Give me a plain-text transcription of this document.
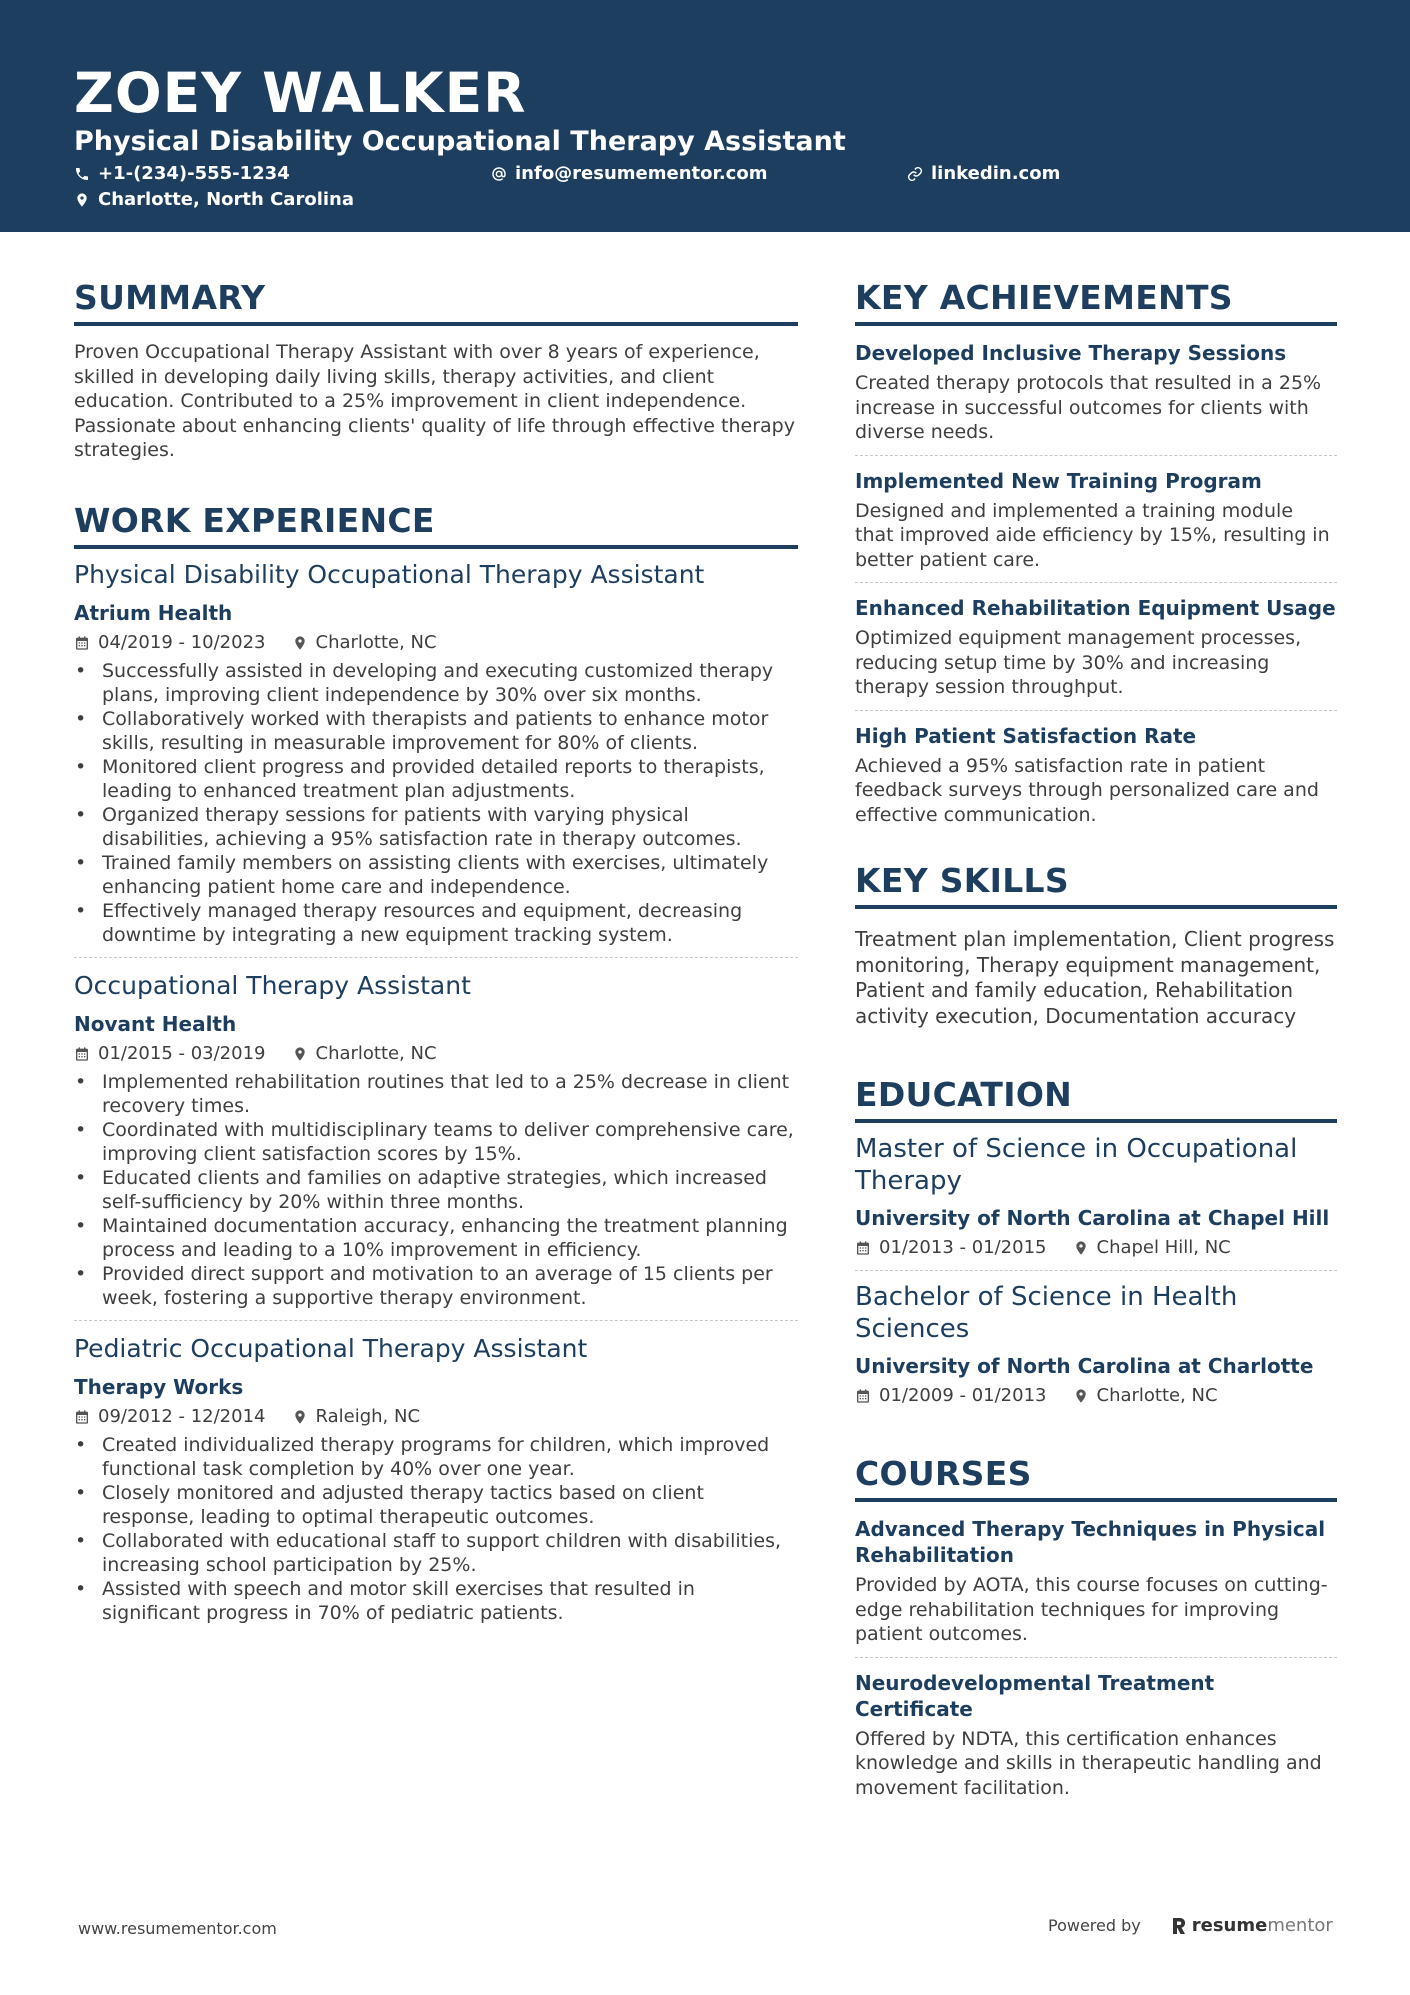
ZOEY WALKER
Physical Disability Occupational Therapy Assistant
+1-(234)-555-1234	info@resumementor.com	linkedin.com
Charlotte, North Carolina
SUMMARY
Proven Occupational Therapy Assistant with over 8 years of experience, skilled in developing daily living skills, therapy activities, and client education. Contributed to a 25% improvement in client independence. Passionate about enhancing clients' quality of life through effective therapy strategies.
WORK EXPERIENCE
Physical Disability Occupational Therapy Assistant
Atrium Health
04/2019 - 10/2023	Charlotte, NC
• Successfully assisted in developing and executing customized therapy plans, improving client independence by 30% over six months.
• Collaboratively worked with therapists and patients to enhance motor skills, resulting in measurable improvement for 80% of clients.
• Monitored client progress and provided detailed reports to therapists, leading to enhanced treatment plan adjustments.
• Organized therapy sessions for patients with varying physical disabilities, achieving a 95% satisfaction rate in therapy outcomes.
• Trained family members on assisting clients with exercises, ultimately enhancing patient home care and independence.
• Effectively managed therapy resources and equipment, decreasing downtime by integrating a new equipment tracking system.
Occupational Therapy Assistant
Novant Health
01/2015 - 03/2019	Charlotte, NC
• Implemented rehabilitation routines that led to a 25% decrease in client recovery times.
• Coordinated with multidisciplinary teams to deliver comprehensive care, improving client satisfaction scores by 15%.
• Educated clients and families on adaptive strategies, which increased self-sufficiency by 20% within three months.
• Maintained documentation accuracy, enhancing the treatment planning process and leading to a 10% improvement in efficiency.
• Provided direct support and motivation to an average of 15 clients per week, fostering a supportive therapy environment.
Pediatric Occupational Therapy Assistant
Therapy Works
09/2012 - 12/2014	Raleigh, NC
• Created individualized therapy programs for children, which improved functional task completion by 40% over one year.
• Closely monitored and adjusted therapy tactics based on client response, leading to optimal therapeutic outcomes.
• Collaborated with educational staff to support children with disabilities, increasing school participation by 25%.
• Assisted with speech and motor skill exercises that resulted in significant progress in 70% of pediatric patients.
KEY ACHIEVEMENTS
Developed Inclusive Therapy Sessions
Created therapy protocols that resulted in a 25% increase in successful outcomes for clients with diverse needs.
Implemented New Training Program
Designed and implemented a training module that improved aide efficiency by 15%, resulting in better patient care.
Enhanced Rehabilitation Equipment Usage
Optimized equipment management processes, reducing setup time by 30% and increasing therapy session throughput.
High Patient Satisfaction Rate
Achieved a 95% satisfaction rate in patient feedback surveys through personalized care and effective communication.
KEY SKILLS
Treatment plan implementation, Client progress monitoring, Therapy equipment management, Patient and family education, Rehabilitation activity execution, Documentation accuracy
EDUCATION
Master of Science in Occupational Therapy
University of North Carolina at Chapel Hill
01/2013 - 01/2015	Chapel Hill, NC
Bachelor of Science in Health Sciences
University of North Carolina at Charlotte
01/2009 - 01/2013	Charlotte, NC
COURSES
Advanced Therapy Techniques in Physical Rehabilitation
Provided by AOTA, this course focuses on cutting-edge rehabilitation techniques for improving patient outcomes.
Neurodevelopmental Treatment Certificate
Offered by NDTA, this certification enhances knowledge and skills in therapeutic handling and movement facilitation.
www.resumementor.com	Powered by	resume mentor
